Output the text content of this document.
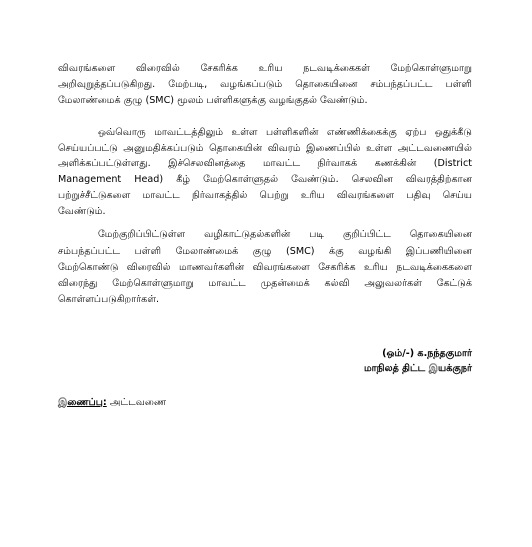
விவரங்களை விரைவில் சேகரிக்க உரிய நடவடிக்கைகள் மேற்கொள்ளுமாறு
அறிவுறுத்தப்படுகிறது. மேற்படி, வழங்கப்படும் தொகையினை சம்பந்தப்பட்ட பள்ளி
மேலாண்மைக் குழு (SMC) மூலம் பள்ளிகளுக்கு வழங்குதல் வேண்டும்.
ஒவ்வொரு மாவட்டத்திலும் உள்ள பள்ளிகளின் எண்ணிக்கைக்கு ஏற்ப ஒதுக்கீடு
செய்யப்பட்டு அனுமதிக்கப்படும் தொகையின் விவரம் இணைப்பில் உள்ள அட்டவணையில்
அளிக்கப்பட்டுள்ளது. இச்செலவினத்தை மாவட்ட நிர்வாகக் கணக்கின் (District
Management Head) கீழ் மேற்கொள்ளுதல் வேண்டும். செலவின விவரத்திற்கான
பற்றுச்சீட்டுகளை மாவட்ட நிர்வாகத்தில் பெற்று உரிய விவரங்களை பதிவு செய்ய
வேண்டும்.
மேற்குறிப்பிட்டுள்ள வழிகாட்டுதல்களின் படி குறிப்பிட்ட தொகையினை
சம்பந்தப்பட்ட பள்ளி மேலாண்மைக் குழு (SMC) க்கு வழங்கி இப்பணியினை
மேற்கொண்டு விரைவில் மாணவர்களின் விவரங்களை சேகரிக்க உரிய நடவடிக்கைகளை
விரைந்து மேற்கொள்ளுமாறு மாவட்ட முதன்மைக் கல்வி அலுவலர்கள் கேட்டுக்
கொள்ளப்படுகிறார்கள்.
(ஒம்/-) க.நந்தகுமார்
மாநிலத் திட்ட இயக்குநர்
இணைப்பு: அட்டவணை
